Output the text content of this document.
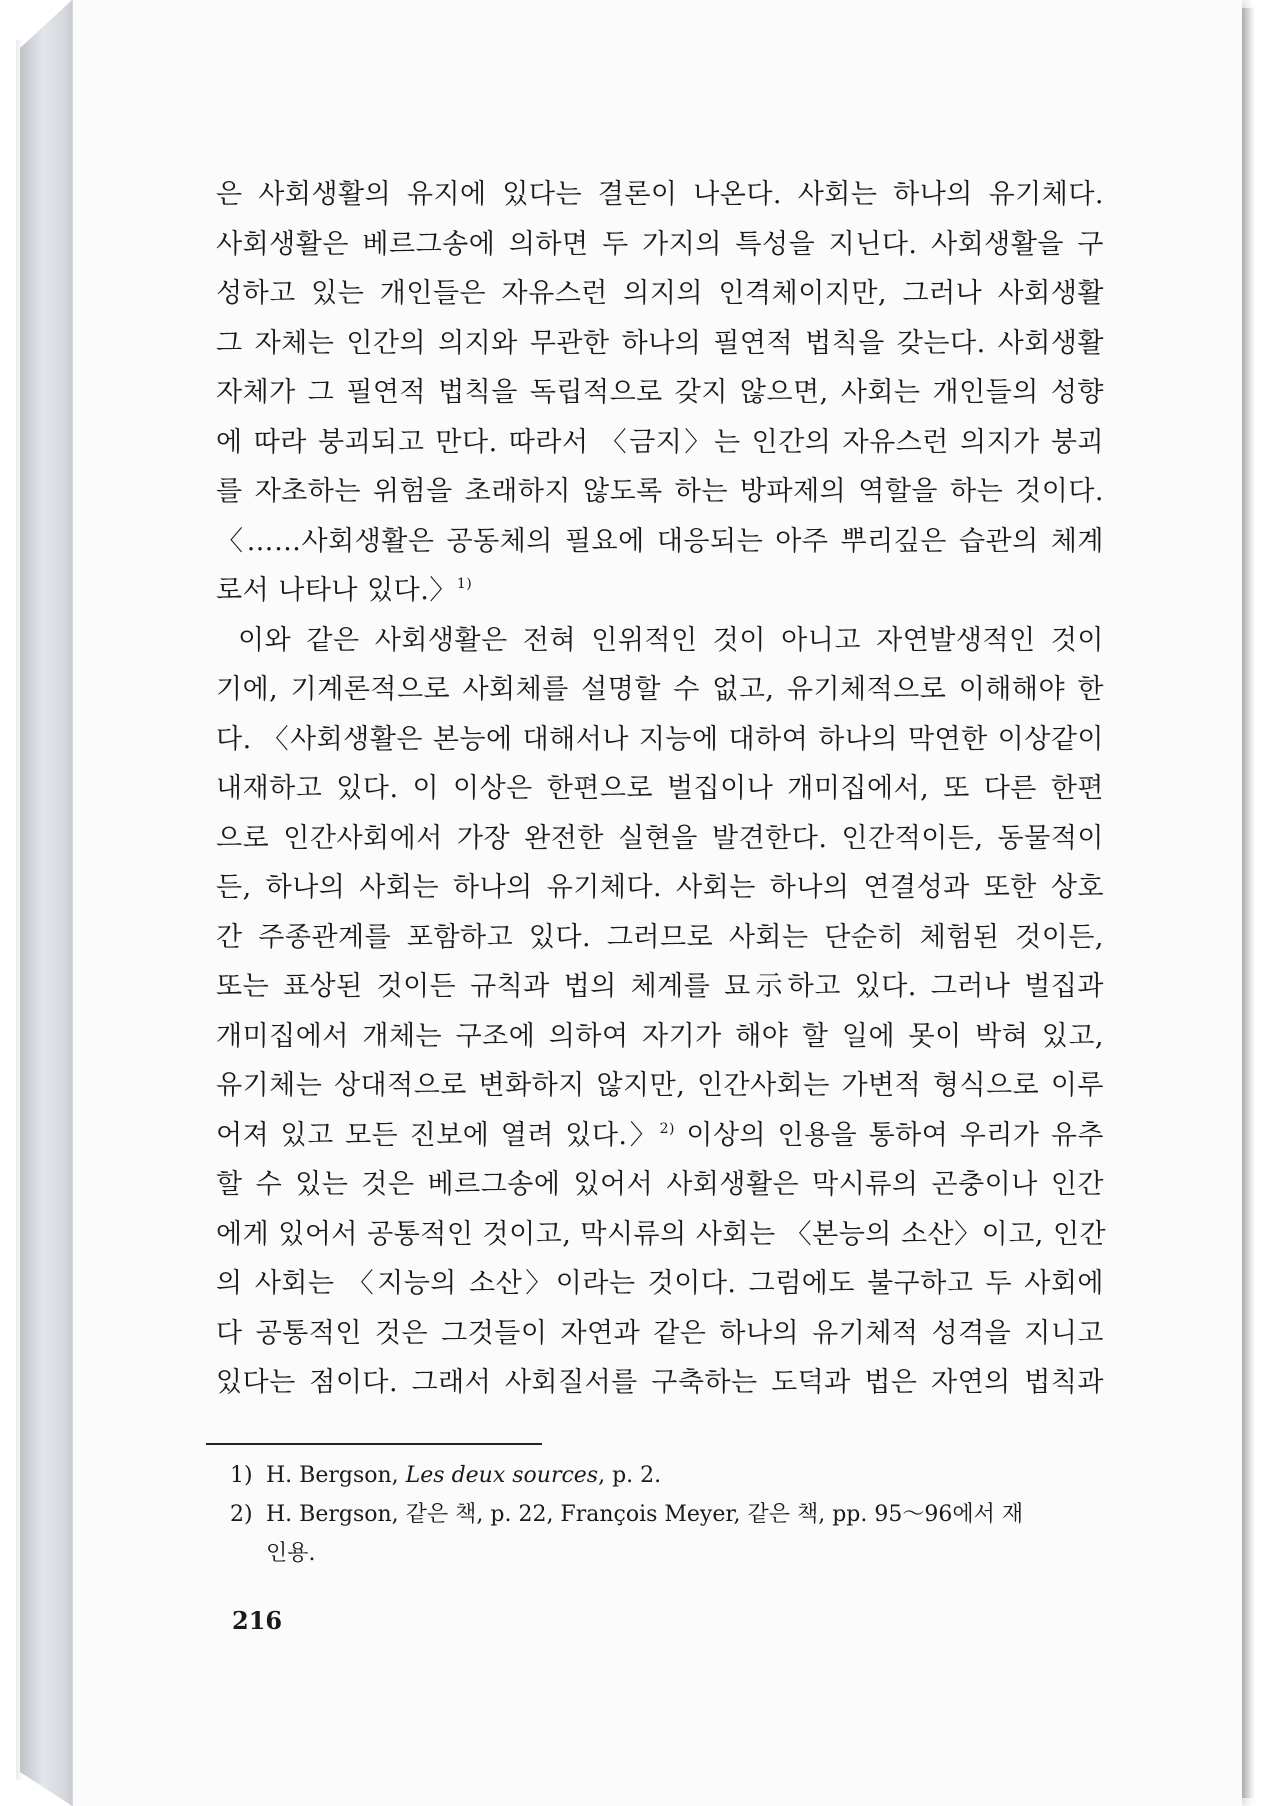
은 사회생활의 유지에 있다는 결론이 나온다. 사회는 하나의 유기체다.
사회생활은 베르그송에 의하면 두 가지의 특성을 지닌다. 사회생활을 구
성하고 있는 개인들은 자유스런 의지의 인격체이지만, 그러나 사회생활
그 자체는 인간의 의지와 무관한 하나의 필연적 법칙을 갖는다. 사회생활
자체가 그 필연적 법칙을 독립적으로 갖지 않으면, 사회는 개인들의 성향
에 따라 붕괴되고 만다. 따라서 〈금지〉는 인간의 자유스런 의지가 붕괴
를 자초하는 위험을 초래하지 않도록 하는 방파제의 역할을 하는 것이다.
〈……사회생활은 공동체의 필요에 대응되는 아주 뿌리깊은 습관의 체계
로서 나타나 있다.〉$^{1)}$
이와 같은 사회생활은 전혀 인위적인 것이 아니고 자연발생적인 것이
기에, 기계론적으로 사회체를 설명할 수 없고, 유기체적으로 이해해야 한
다. 〈사회생활은 본능에 대해서나 지능에 대하여 하나의 막연한 이상같이
내재하고 있다. 이 이상은 한편으로 벌집이나 개미집에서, 또 다른 한편
으로 인간사회에서 가장 완전한 실현을 발견한다. 인간적이든, 동물적이
든, 하나의 사회는 하나의 유기체다. 사회는 하나의 연결성과 또한 상호
간 주종관계를 포함하고 있다. 그러므로 사회는 단순히 체험된 것이든,
또는 표상된 것이든 규칙과 법의 체계를 묘示하고 있다. 그러나 벌집과
개미집에서 개체는 구조에 의하여 자기가 해야 할 일에 못이 박혀 있고,
유기체는 상대적으로 변화하지 않지만, 인간사회는 가변적 형식으로 이루
어져 있고 모든 진보에 열려 있다.〉$^{2)}$ 이상의 인용을 통하여 우리가 유추
할 수 있는 것은 베르그송에 있어서 사회생활은 막시류의 곤충이나 인간
에게 있어서 공통적인 것이고, 막시류의 사회는 〈본능의 소산〉이고, 인간
의 사회는 〈지능의 소산〉이라는 것이다. 그럼에도 불구하고 두 사회에
다 공통적인 것은 그것들이 자연과 같은 하나의 유기체적 성격을 지니고
있다는 점이다. 그래서 사회질서를 구축하는 도덕과 법은 자연의 법칙과
1) H. Bergson, Les deux sources, p. 2.
2) H. Bergson, 같은 책, p. 22, François Meyer, 같은 책, pp. 95～96에서 재
인용.
216
